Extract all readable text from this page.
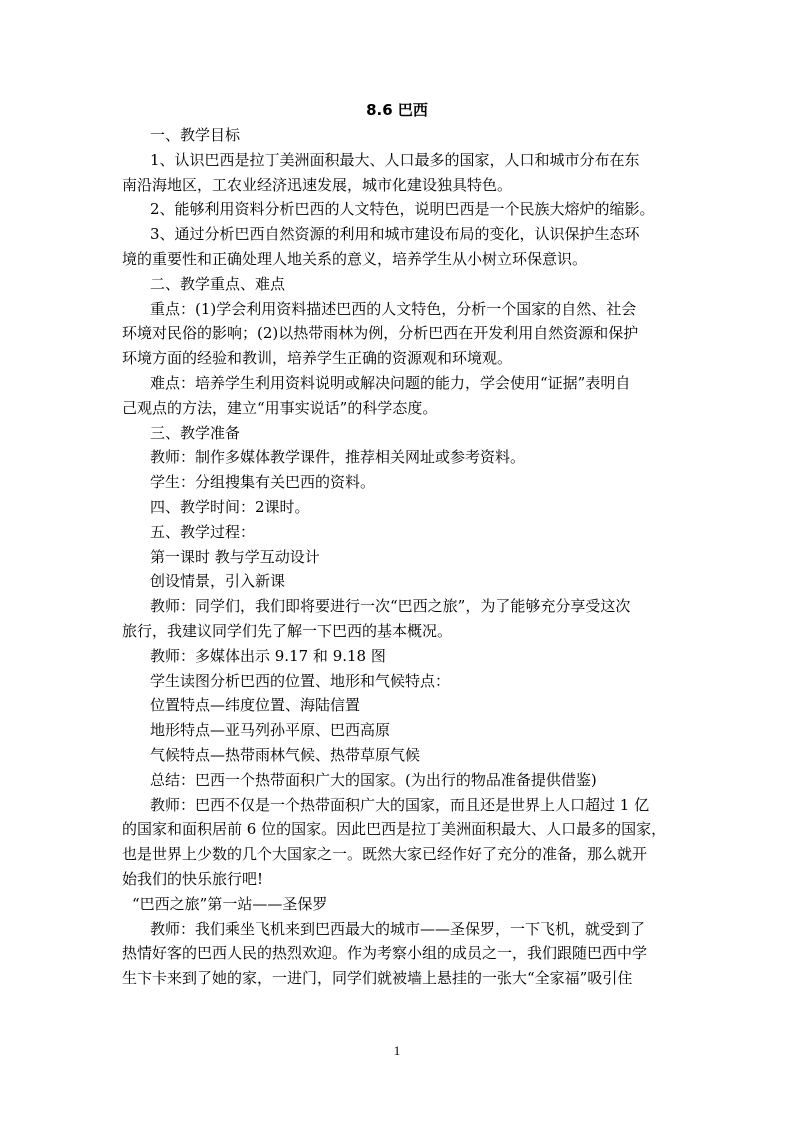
8.6 巴西
一、教学目标
1、认识巴西是拉丁美洲面积最大、人口最多的国家，人口和城市分布在东
南沿海地区，工农业经济迅速发展，城市化建设独具特色。
2、能够利用资料分析巴西的人文特色，说明巴西是一个民族大熔炉的缩影。
3、通过分析巴西自然资源的利用和城市建设布局的变化，认识保护生态环
境的重要性和正确处理人地关系的意义，培养学生从小树立环保意识。
二、教学重点、难点
重点：(1)学会利用资料描述巴西的人文特色，分析一个国家的自然、社会
环境对民俗的影响；(2)以热带雨林为例，分析巴西在开发利用自然资源和保护
环境方面的经验和教训，培养学生正确的资源观和环境观。
难点：培养学生利用资料说明或解决问题的能力，学会使用“证据”表明自
己观点的方法，建立“用事实说话”的科学态度。
三、教学准备
教师：制作多媒体教学课件，推荐相关网址或参考资料。
学生：分组搜集有关巴西的资料。
四、教学时间：2课时。
五、教学过程：
第一课时 教与学互动设计
创设情景，引入新课
教师：同学们，我们即将要进行一次“巴西之旅”，为了能够充分享受这次
旅行，我建议同学们先了解一下巴西的基本概况。
教师：多媒体出示 9.17 和 9.18 图
学生读图分析巴西的位置、地形和气候特点：
位置特点—纬度位置、海陆信置
地形特点—亚马列孙平原、巴西高原
气候特点—热带雨林气候、热带草原气候
总结：巴西一个热带面积广大的国家。(为出行的物品准备提供借鉴)
教师：巴西不仅是一个热带面积广大的国家，而且还是世界上人口超过 1 亿
的国家和面积居前 6 位的国家。因此巴西是拉丁美洲面积最大、人口最多的国家，
也是世界上少数的几个大国家之一。既然大家已经作好了充分的准备，那么就开
始我们的快乐旅行吧!
“巴西之旅”第一站——圣保罗
教师：我们乘坐飞机来到巴西最大的城市——圣保罗，一下飞机，就受到了
热情好客的巴西人民的热烈欢迎。作为考察小组的成员之一，我们跟随巴西中学
生卞卡来到了她的家，一进门，同学们就被墙上悬挂的一张大“全家福”吸引住
1
